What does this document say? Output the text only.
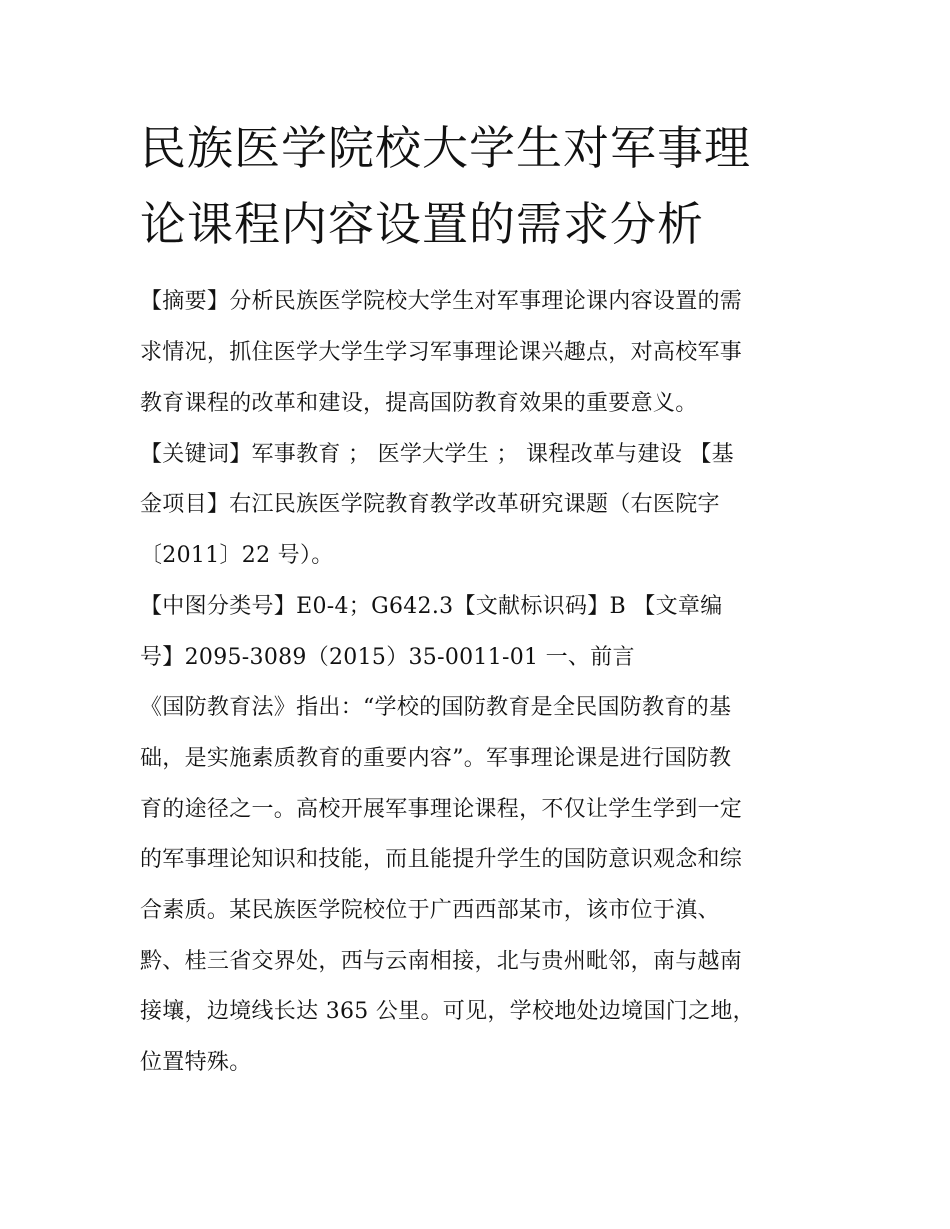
民族医学院校大学生对军事理
论课程内容设置的需求分析
【摘要】分析民族医学院校大学生对军事理论课内容设置的需
求情况，抓住医学大学生学习军事理论课兴趣点，对高校军事
教育课程的改革和建设，提高国防教育效果的重要意义。
【关键词】军事教育 ； 医学大学生 ； 课程改革与建设 【基
金项目】右江民族医学院教育教学改革研究课题（右医院字
〔2011〕22 号）。
【中图分类号】E0-4；G642.3【文献标识码】B 【文章编
号】2095-3089（2015）35-0011-01 一、前言
《国防教育法》指出：“学校的国防教育是全民国防教育的基
础，是实施素质教育的重要内容”。军事理论课是进行国防教
育的途径之一。高校开展军事理论课程，不仅让学生学到一定
的军事理论知识和技能，而且能提升学生的国防意识观念和综
合素质。某民族医学院校位于广西西部某市，该市位于滇、
黔、桂三省交界处，西与云南相接，北与贵州毗邻，南与越南
接壤，边境线长达 365 公里。可见，学校地处边境国门之地，
位置特殊。
